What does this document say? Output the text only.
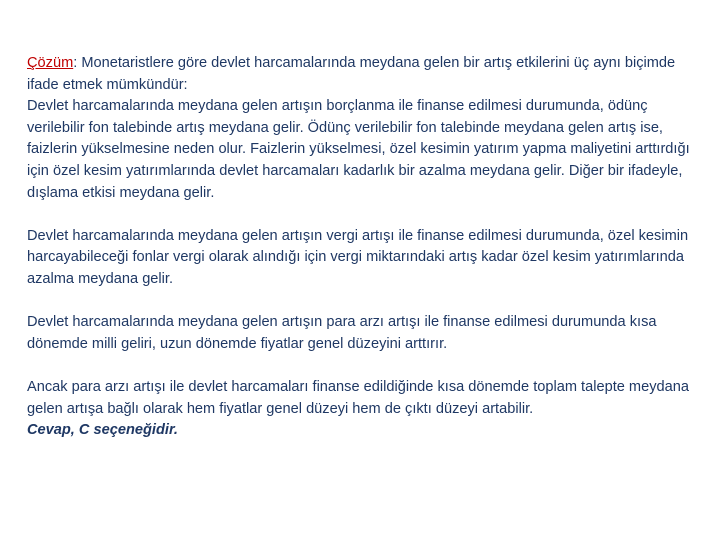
Çözüm: Monetaristlere göre devlet harcamalarında meydana gelen bir artış etkilerini üç aynı biçimde ifade etmek mümkündür:

Devlet harcamalarında meydana gelen artışın borçlanma ile finanse edilmesi durumunda, ödünç verilebilir fon talebinde artış meydana gelir. Ödünç verilebilir fon talebinde meydana gelen artış ise, faizlerin yükselmesine neden olur. Faizlerin yükselmesi, özel kesimin yatırım yapma maliyetini arttırdığı için özel kesim yatırımlarında devlet harcamaları kadarlık bir azalma meydana gelir. Diğer bir ifadeyle, dışlama etkisi meydana gelir.

Devlet harcamalarında meydana gelen artışın vergi artışı ile finanse edilmesi durumunda, özel kesimin harcayabileceği fonlar vergi olarak alındığı için vergi miktarındaki artış kadar özel kesim yatırımlarında azalma meydana gelir.

Devlet harcamalarında meydana gelen artışın para arzı artışı ile finanse edilmesi durumunda kısa dönemde milli geliri, uzun dönemde fiyatlar genel düzeyini arttırır.

Ancak para arzı artışı ile devlet harcamaları finanse edildiğinde kısa dönemde toplam talepte meydana gelen artışa bağlı olarak hem fiyatlar genel düzeyi hem de çıktı düzeyi artabilir.

Cevap, C seçeneğidir.
